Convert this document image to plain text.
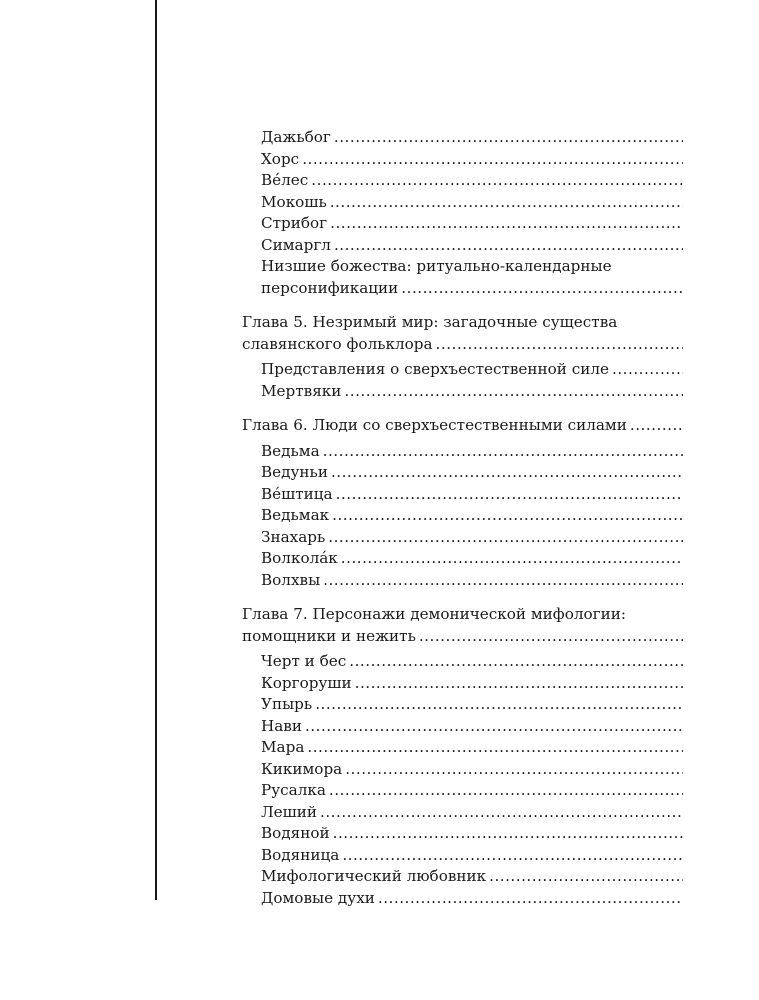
Дажьбог
.....
Хорс
.....
Ве́лес
.....
Мокошь
.....
Стрибог
.....
Симаргл
.....
Низшие божества: ритуально-календарные
персонификации
.....
Глава 5. Незримый мир: загадочные существа
славянского фольклора
.....
Представления о сверхъестественной силе
.....
Мертвяки
.....
Глава 6. Люди со сверхъестественными силами
.....
Ведьма
.....
Ведуньи
.....
Ве́штица
.....
Ведьмак
.....
Знахарь
.....
Волкола́к
.....
Волхвы
.....
Глава 7. Персонажи демонической мифологии:
помощники и нежить
.....
Черт и бес
.....
Коргоруши
.....
Упырь
.....
Нави
.....
Мара
.....
Кикимора
.....
Русалка
.....
Леший
.....
Водяной
.....
Водяница
.....
Мифологический любовник
.....
Домовые духи
.....
